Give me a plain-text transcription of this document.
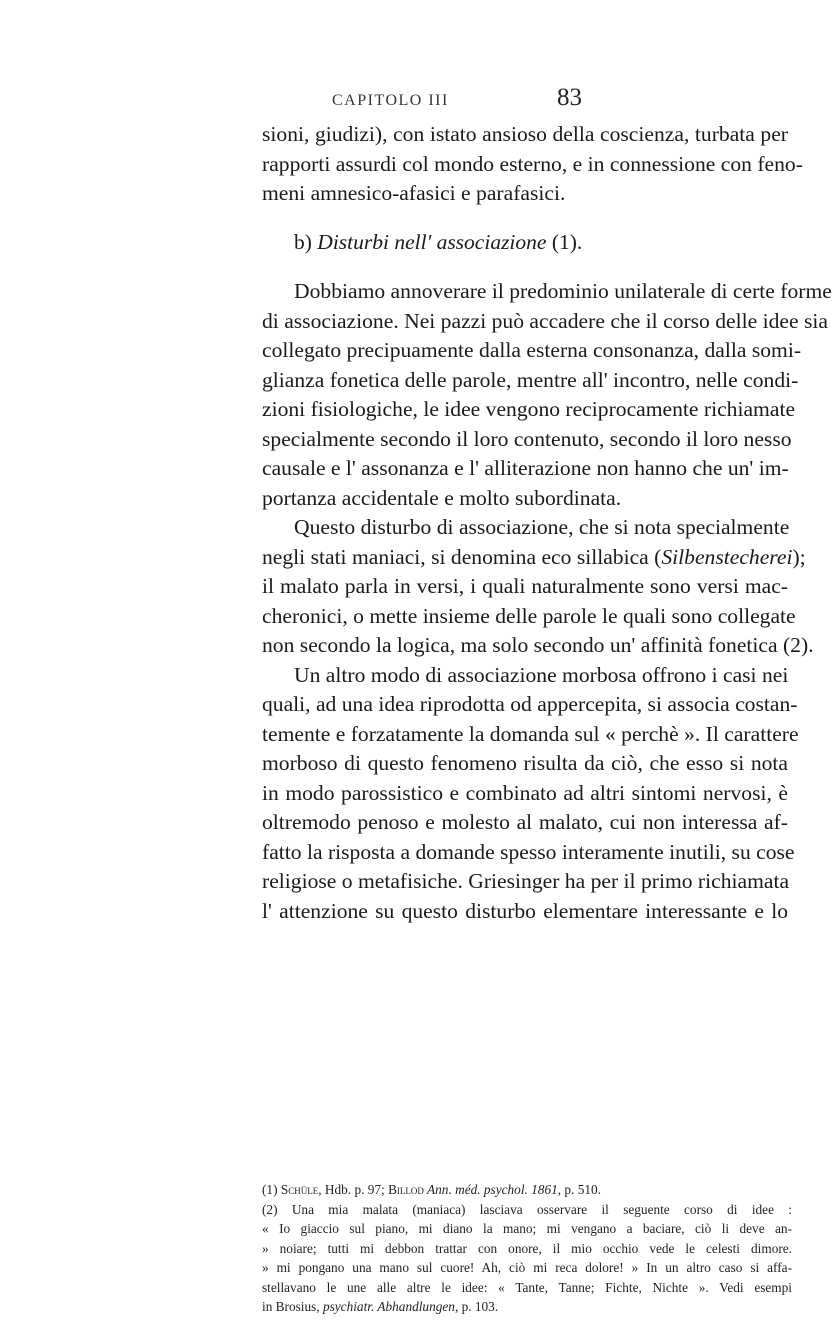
CAPITOLO III	83
sioni, giudizi), con istato ansioso della coscienza, turbata per
rapporti assurdi col mondo esterno, e in connessione con feno-
meni amnesico-afasici e parafasici.
b) Disturbi nell' associazione (1).
Dobbiamo annoverare il predominio unilaterale di certe forme
di associazione. Nei pazzi può accadere che il corso delle idee sia
collegato precipuamente dalla esterna consonanza, dalla somi-
glianza fonetica delle parole, mentre all' incontro, nelle condi-
zioni fisiologiche, le idee vengono reciprocamente richiamate
specialmente secondo il loro contenuto, secondo il loro nesso
causale e l' assonanza e l' alliterazione non hanno che un' im-
portanza accidentale e molto subordinata.
Questo disturbo di associazione, che si nota specialmente
negli stati maniaci, si denomina eco sillabica (Silbenstecherei);
il malato parla in versi, i quali naturalmente sono versi mac-
cheronici, o mette insieme delle parole le quali sono collegate
non secondo la logica, ma solo secondo un' affinità fonetica (2).
Un altro modo di associazione morbosa offrono i casi nei
quali, ad una idea riprodotta od appercepita, si associa costan-
temente e forzatamente la domanda sul « perchè ». Il carattere
morboso di questo fenomeno risulta da ciò, che esso si nota
in modo parossistico e combinato ad altri sintomi nervosi, è
oltremodo penoso e molesto al malato, cui non interessa af-
fatto la risposta a domande spesso interamente inutili, su cose
religiose o metafisiche. Griesinger ha per il primo richiamata
l' attenzione su questo disturbo elementare interessante e lo
(1) Schüle, Hdb. p. 97; Billod Ann. méd. psychol. 1861, p. 510.
(2) Una mia malata (maniaca) lasciava osservare il seguente corso di idee :
« Io giaccio sul piano, mi diano la mano; mi vengano a baciare, ciò li deve an-
» noiare; tutti mi debbon trattar con onore, il mio occhio vede le celesti dimore.
» mi pongano una mano sul cuore! Ah, ciò mi reca dolore! » In un altro caso si affa-
stellavano le une alle altre le idee: « Tante, Tanne; Fichte, Nichte ». Vedi esempi
in Brosius, psychiatr. Abhandlungen, p. 103.
